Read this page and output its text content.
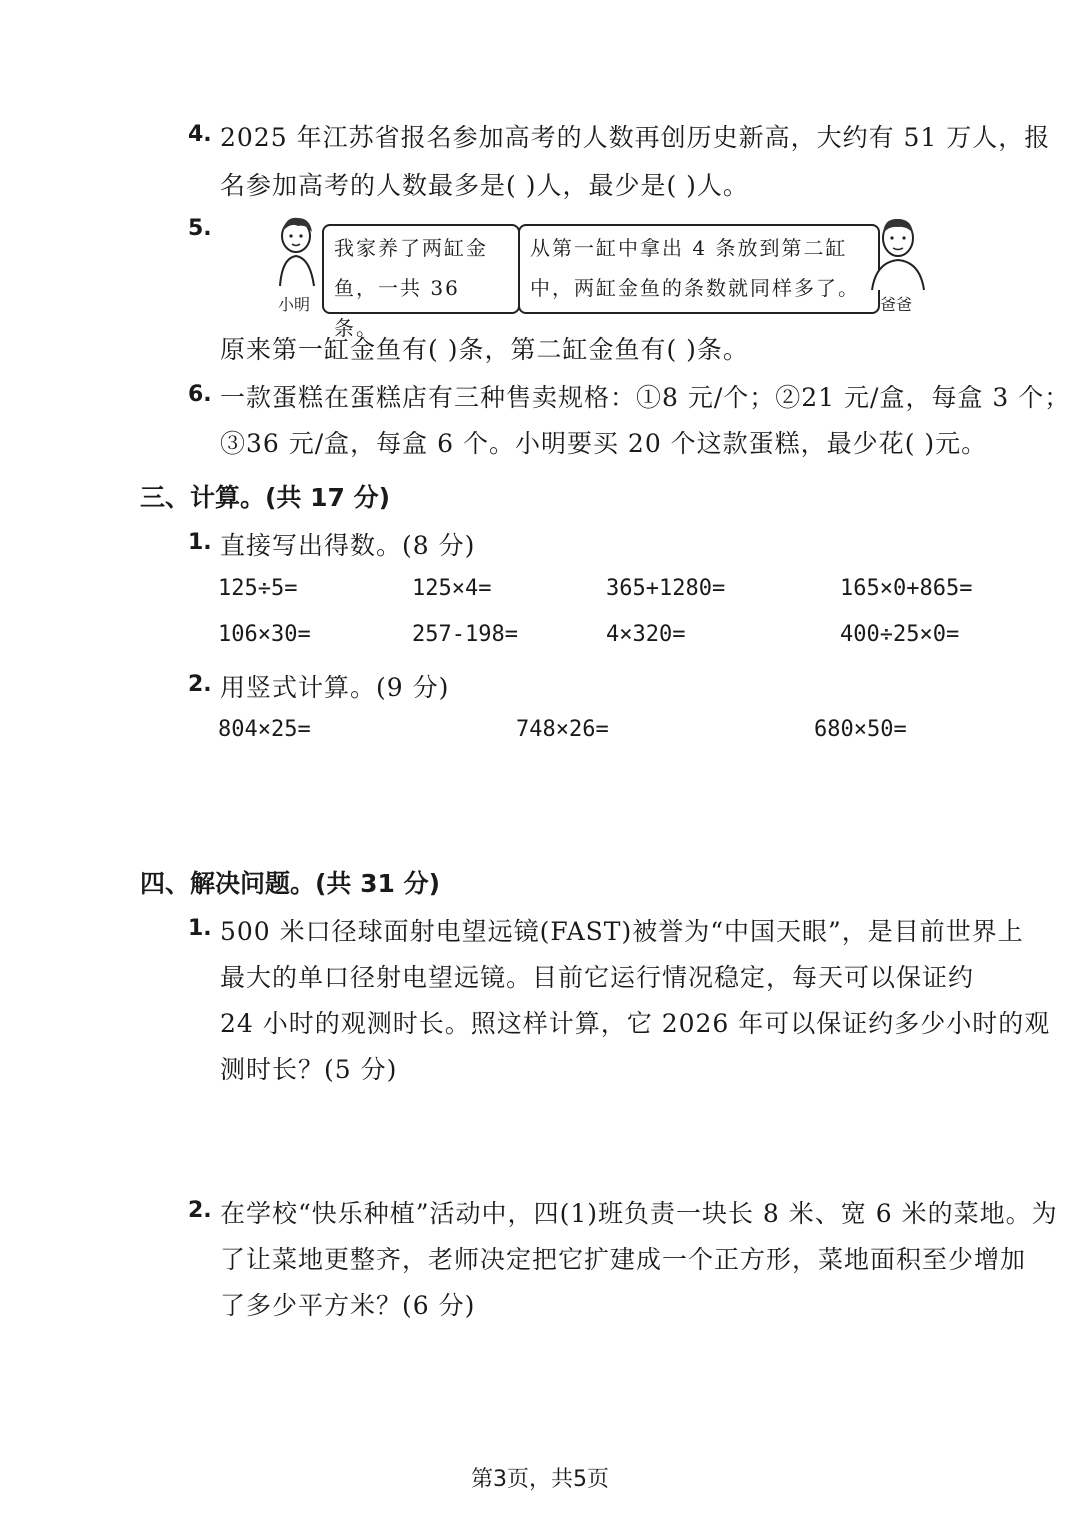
4. 2025 年江苏省报名参加高考的人数再创历史新高，大约有 51 万人，报
名参加高考的人数最多是( )人，最少是( )人。
5.
小明
我家养了两缸金
鱼，一共 36 条。
从第一缸中拿出 4 条放到第二缸
中，两缸金鱼的条数就同样多了。
爸爸
原来第一缸金鱼有( )条，第二缸金鱼有( )条。
6. 一款蛋糕在蛋糕店有三种售卖规格：①8 元/个；②21 元/盒，每盒 3 个；
③36 元/盒，每盒 6 个。小明要买 20 个这款蛋糕，最少花( )元。
三、计算。(共 17 分)
1. 直接写出得数。(8 分)
125÷5=	125×4=	365+1280=	165×0+865=
106×30=	257-198=	4×320=	400÷25×0=
2. 用竖式计算。(9 分)
804×25=	748×26=	680×50=
四、解决问题。(共 31 分)
1. 500 米口径球面射电望远镜(FAST)被誉为“中国天眼”，是目前世界上
最大的单口径射电望远镜。目前它运行情况稳定，每天可以保证约
24 小时的观测时长。照这样计算，它 2026 年可以保证约多少小时的观
测时长？(5 分)
2. 在学校“快乐种植”活动中，四(1)班负责一块长 8 米、宽 6 米的菜地。为
了让菜地更整齐，老师决定把它扩建成一个正方形，菜地面积至少增加
了多少平方米？(6 分)
第3页，共5页
